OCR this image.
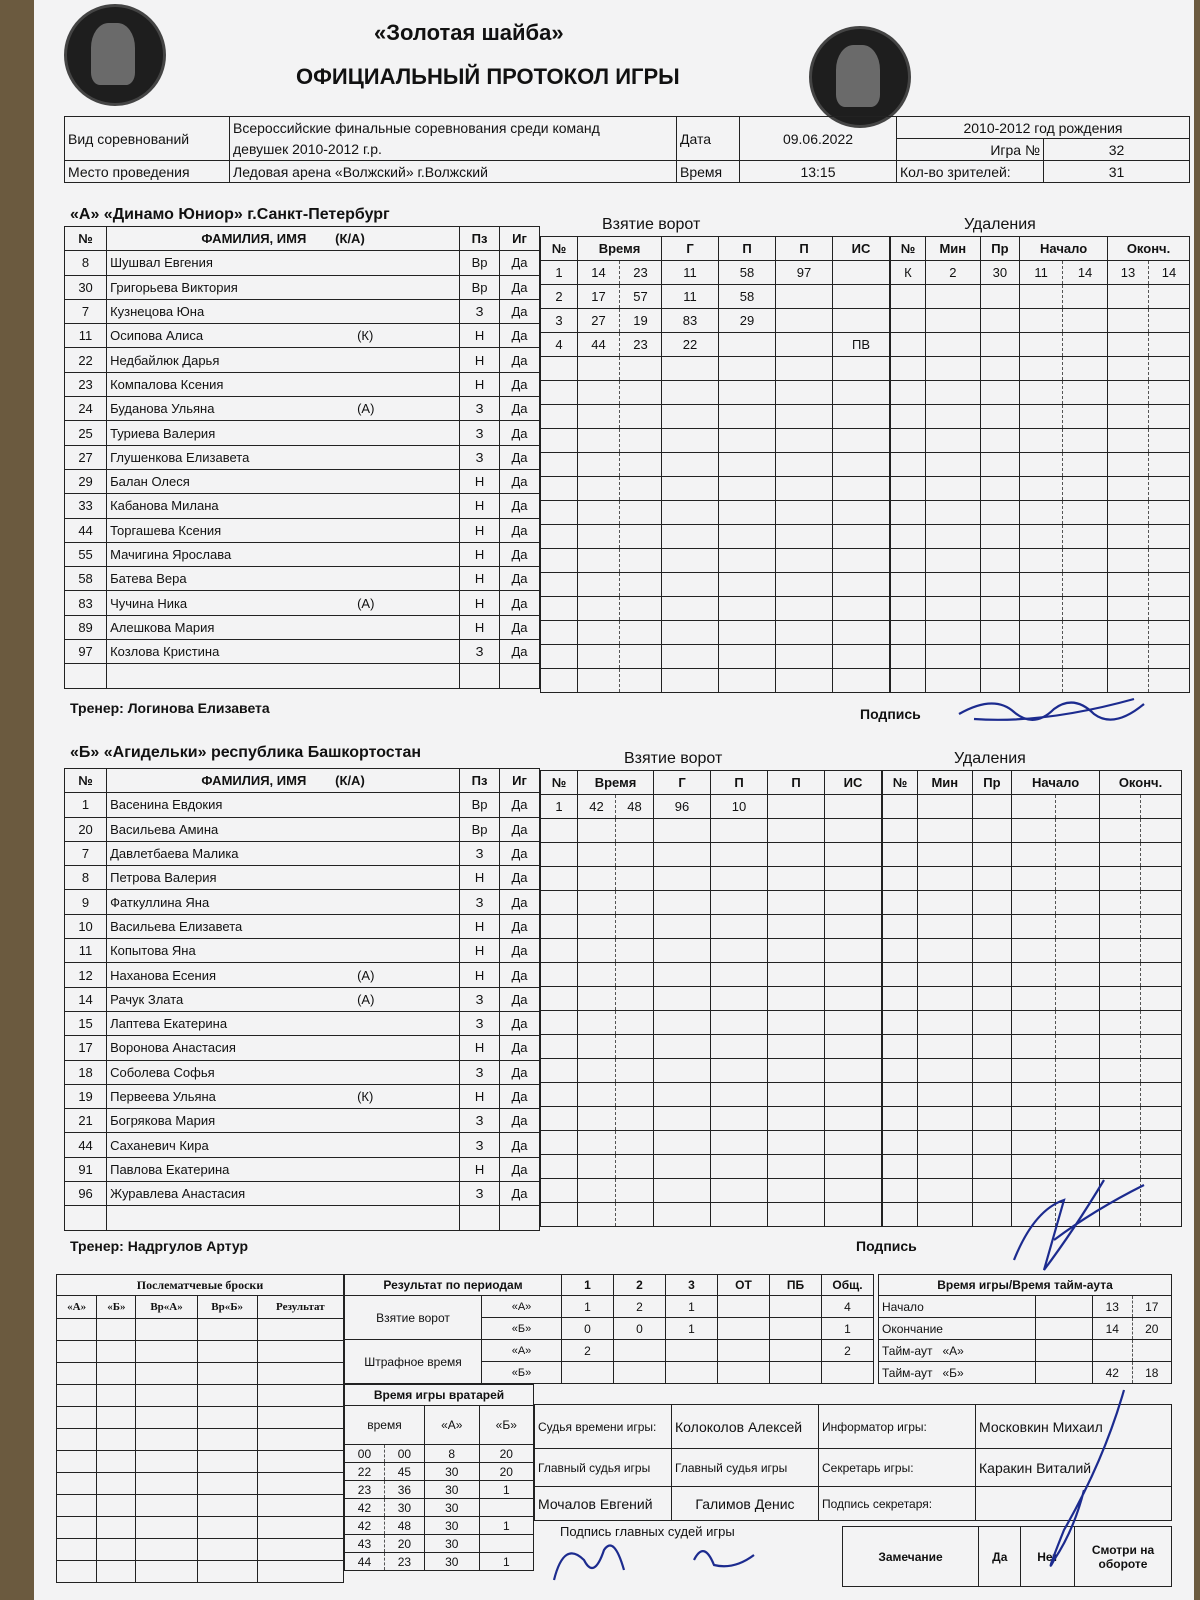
«Золотая шайба»
ОФИЦИАЛЬНЫЙ ПРОТОКОЛ ИГРЫ
Вид соревнований	Всероссийские финальные соревнования среди команд	Дата	09.06.2022	2010-2012 год рождения	
	девушек 2010-2012 г.р.			Игра №	32
Место проведения	Ледовая арена «Волжский» г.Волжский	Время	13:15	Кол-во зрителей:	31
«А» «Динамо Юниор» г.Санкт-Петербург
№	ФАМИЛИЯ, ИМЯ        (К/А)	Пз	Иг
8	Шушвал Евгения	Вр	Да
30	Григорьева Виктория	Вр	Да
7	Кузнецова Юна	З	Да
11	Осипова Алиса (К)	Н	Да
22	Недбайлюк Дарья	Н	Да
23	Компалова Ксения	Н	Да
24	Буданова Ульяна (А)	З	Да
25	Туриева Валерия	З	Да
27	Глушенкова Елизавета	З	Да
29	Балан Олеся	Н	Да
33	Кабанова Милана	Н	Да
44	Торгашева Ксения	Н	Да
55	Мачигина Ярослава	Н	Да
58	Батева Вера	Н	Да
83	Чучина Ника (А)	Н	Да
89	Алешкова Мария	Н	Да
97	Козлова Кристина	З	Да

Взятие ворот
№	Время		Г	П	П	ИС
1	14	23	11	58	97	
2	17	57	11	58		
3	27	19	83	29		
4	44	23	22			ПВ

Удаления
№	Мин	Пр	Начало		Оконч.	
К	2	30	11	14	13	14

Тренер: Логинова Елизавета	Подпись
«Б» «Агидельки» республика Башкортостан
№	ФАМИЛИЯ, ИМЯ        (К/А)	Пз	Иг
1	Васенина Евдокия	Вр	Да
20	Васильева Амина	Вр	Да
7	Давлетбаева Малика	З	Да
8	Петрова Валерия	Н	Да
9	Фаткуллина Яна	З	Да
10	Васильева Елизавета	Н	Да
11	Копытова Яна	Н	Да
12	Наханова Есения (А)	Н	Да
14	Рачук Злата (А)	З	Да
15	Лаптева Екатерина	З	Да
17	Воронова Анастасия	Н	Да
18	Соболева Софья	З	Да
19	Первеева Ульяна (К)	Н	Да
21	Богрякова Мария	З	Да
44	Саханевич Кира	З	Да
91	Павлова Екатерина	Н	Да
96	Журавлева Анастасия	З	Да

Взятие ворот
№	Время		Г	П	П	ИС
1	42	48	96	10		

Удаления
№	Мин	Пр	Начало		Оконч.	

Тренер: Надргулов Артур	Подпись
Послематчевые броски				
«А»	«Б»	Вр«А»	Вр«Б»	Результат

Результат по периодам		1	2	3	ОТ	ПБ	Общ.
Взятие ворот	«А»	1	2	1			4
	«Б»	0	0	1			1
Штрафное время	«А»	2					2
	«Б»						
Время игры/Время тайм-аута			
Начало		13	17
Окончание		14	20
Тайм-аут   «А»			
Тайм-аут   «Б»		42	18
Время игры вратарей			
время		«А»	«Б»
00	00	8	20
22	45	30	20
23	36	30	1
42	30	30	
42	48	30	1
43	20	30	
44	23	30	1
Судья времени игры:	Колоколов Алексей	Информатор игры:	Московкин Михаил
Главный судья игры	Главный судья игры	Секретарь игры:	Каракин Виталий
Мочалов Евгений	Галимов Денис	Подпись секретаря:	
Подпись главных судей игры
Замечание	Да	Нет	Смотри на обороте
